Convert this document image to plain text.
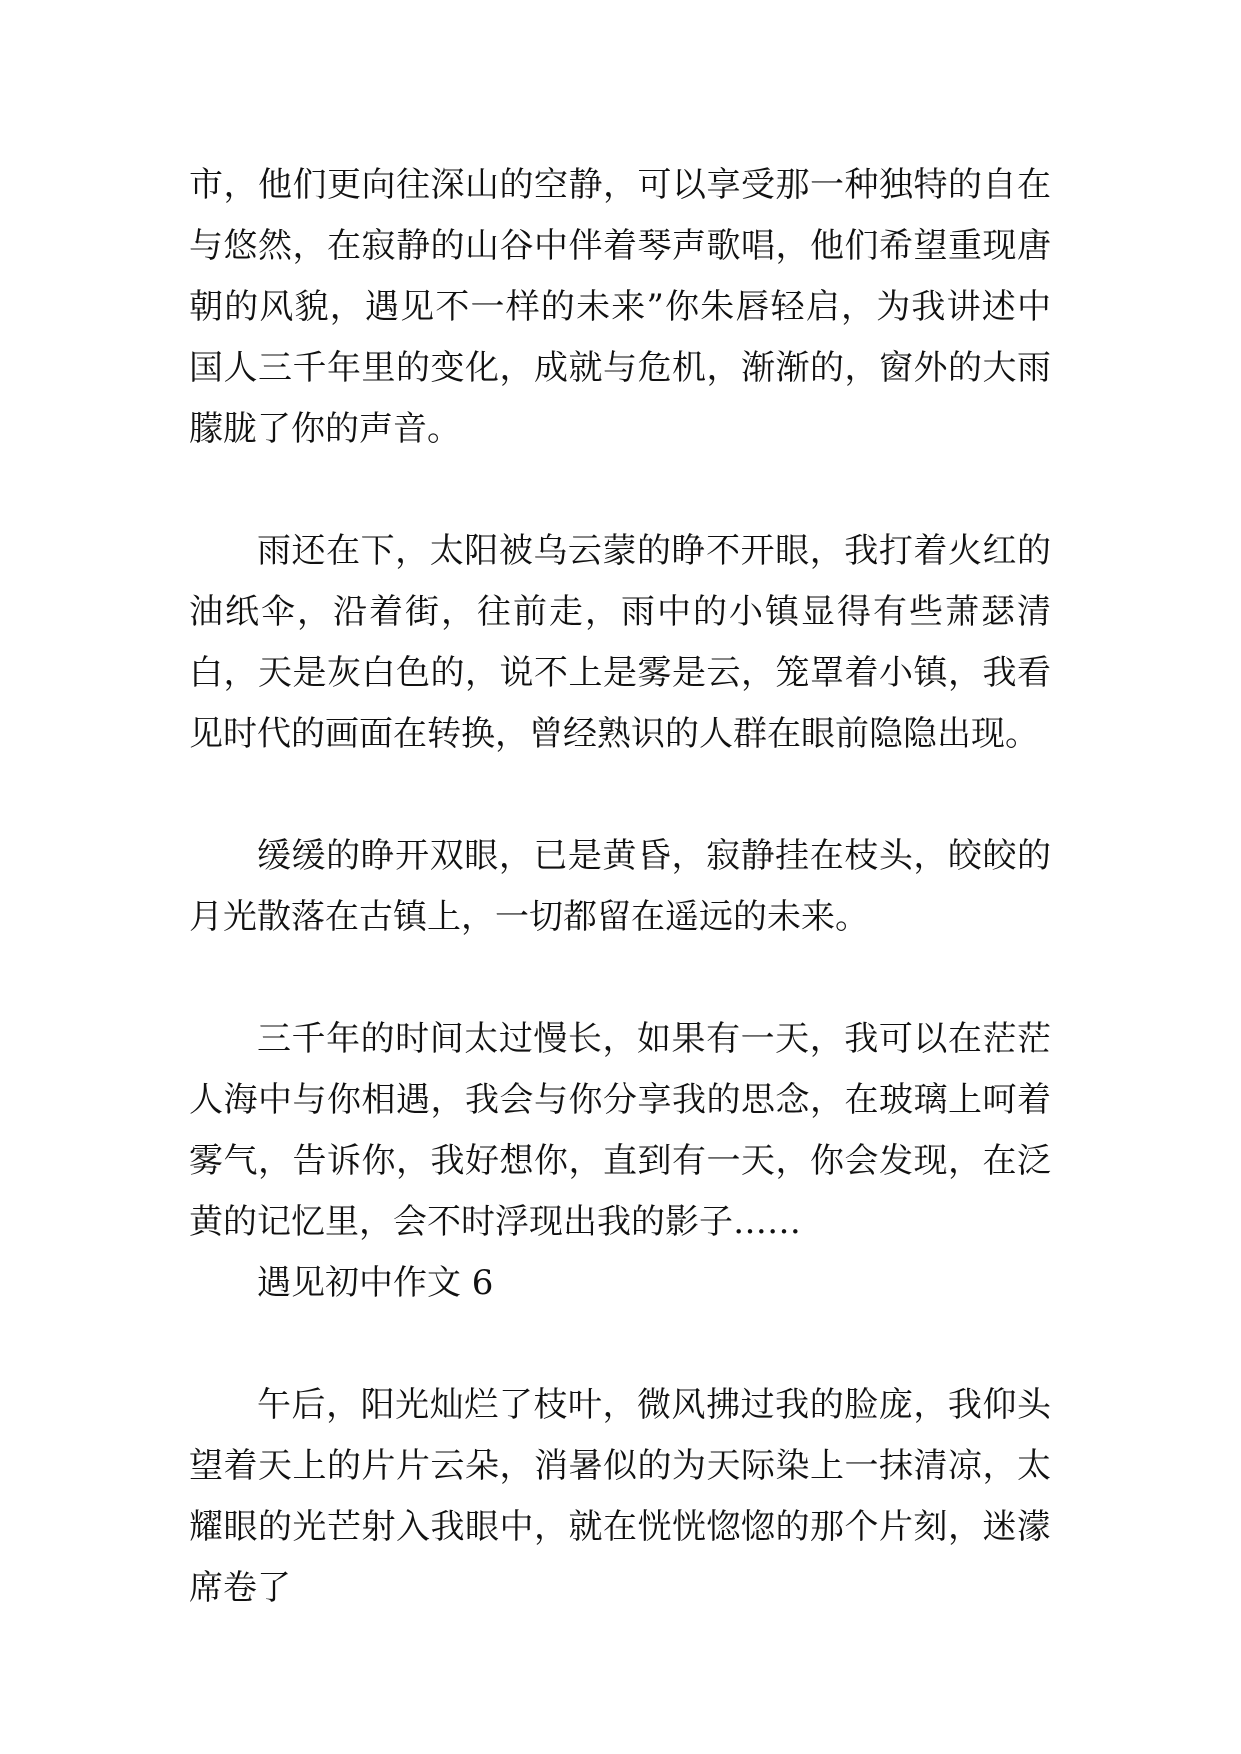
市，他们更向往深山的空静，可以享受那一种独特的自在与悠然，在寂静的山谷中伴着琴声歌唱，他们希望重现唐朝的风貌，遇见不一样的未来”你朱唇轻启，为我讲述中国人三千年里的变化，成就与危机，渐渐的，窗外的大雨朦胧了你的声音。

雨还在下，太阳被乌云蒙的睁不开眼，我打着火红的油纸伞，沿着街，往前走，雨中的小镇显得有些萧瑟清白，天是灰白色的，说不上是雾是云，笼罩着小镇，我看见时代的画面在转换，曾经熟识的人群在眼前隐隐出现。

缓缓的睁开双眼，已是黄昏，寂静挂在枝头，皎皎的月光散落在古镇上，一切都留在遥远的未来。

三千年的时间太过慢长，如果有一天，我可以在茫茫人海中与你相遇，我会与你分享我的思念，在玻璃上呵着雾气，告诉你，我好想你，直到有一天，你会发现，在泛黄的记忆里，会不时浮现出我的影子……

遇见初中作文 6

午后，阳光灿烂了枝叶，微风拂过我的脸庞，我仰头望着天上的片片云朵，消暑似的为天际染上一抹清凉，太耀眼的光芒射入我眼中，就在恍恍惚惚的那个片刻，迷濛席卷了
